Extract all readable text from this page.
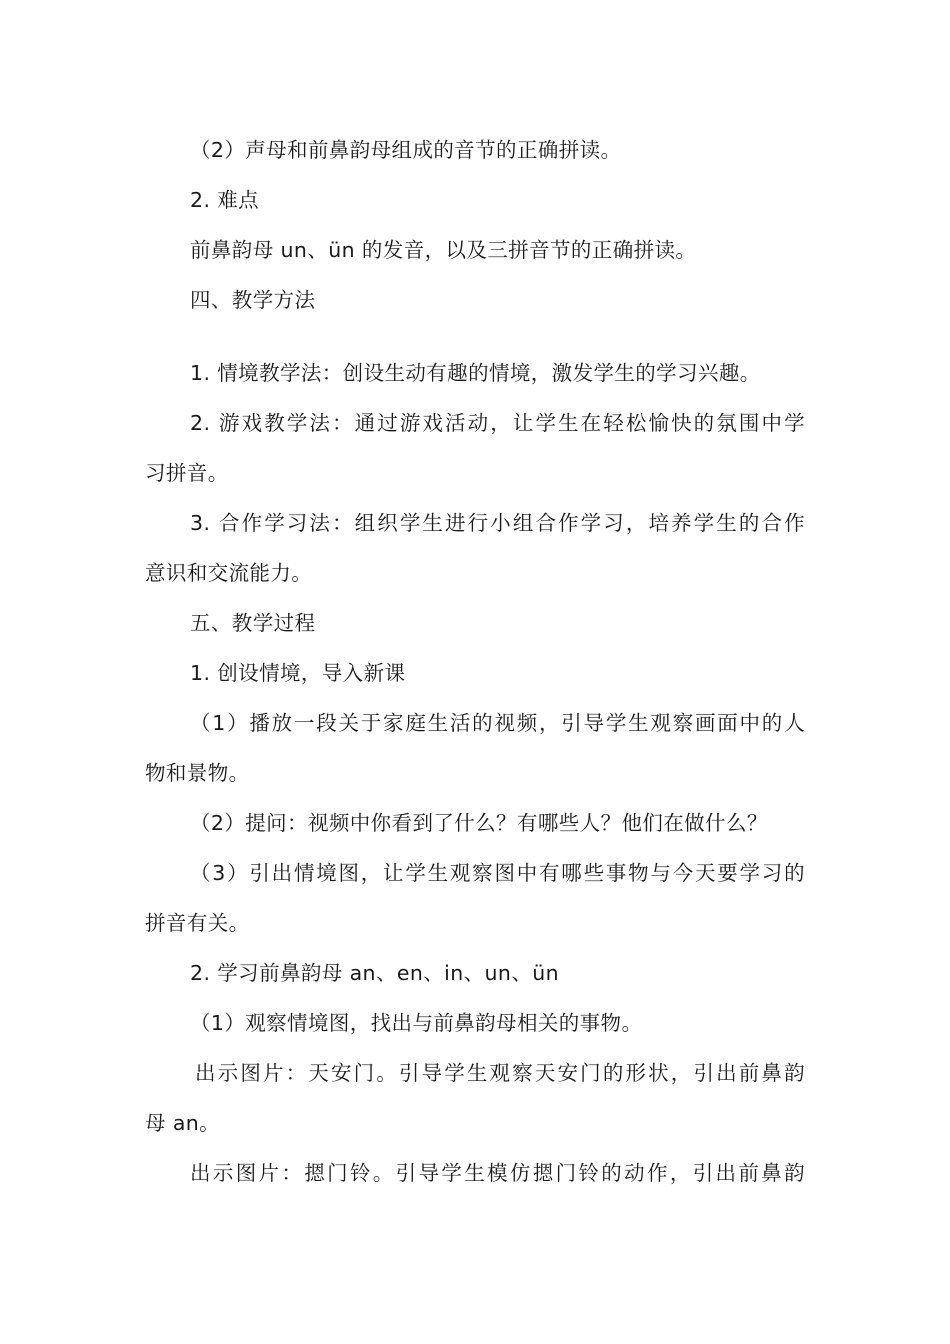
（2）声母和前鼻韵母组成的音节的正确拼读。
2. 难点
前鼻韵母 un、ün 的发音，以及三拼音节的正确拼读。
四、教学方法
1. 情境教学法：创设生动有趣的情境，激发学生的学习兴趣。
2. 游戏教学法：通过游戏活动，让学生在轻松愉快的氛围中学
习拼音。
3. 合作学习法：组织学生进行小组合作学习，培养学生的合作
意识和交流能力。
五、教学过程
1. 创设情境，导入新课
（1）播放一段关于家庭生活的视频，引导学生观察画面中的人
物和景物。
（2）提问：视频中你看到了什么？有哪些人？他们在做什么？
（3）引出情境图，让学生观察图中有哪些事物与今天要学习的
拼音有关。
2. 学习前鼻韵母 an、en、in、un、ün
（1）观察情境图，找出与前鼻韵母相关的事物。
出示图片：天安门。引导学生观察天安门的形状，引出前鼻韵
母 an。
出示图片：摁门铃。引导学生模仿摁门铃的动作，引出前鼻韵
